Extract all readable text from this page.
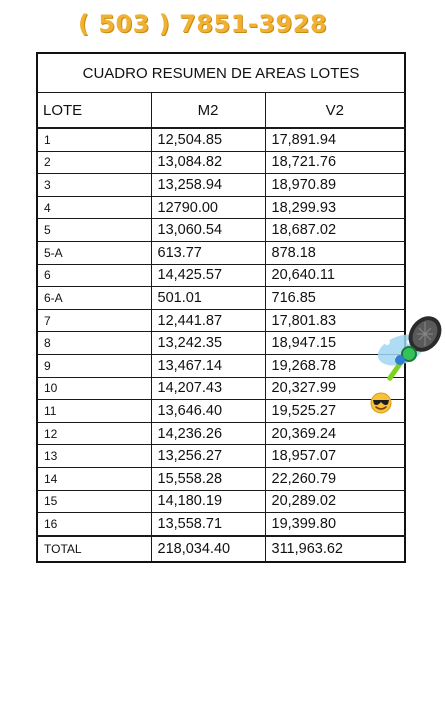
( 503 ) 7851-3928
CUADRO RESUMEN DE AREAS LOTES		
LOTE	M2	V2
1	12,504.85	17,891.94
2	13,084.82	18,721.76
3	13,258.94	18,970.89
4	12790.00	18,299.93
5	13,060.54	18,687.02
5-A	613.77	878.18
6	14,425.57	20,640.11
6-A	501.01	716.85
7	12,441.87	17,801.83
8	13,242.35	18,947.15
9	13,467.14	19,268.78
10	14,207.43	20,327.99
11	13,646.40	19,525.27
12	14,236.26	20,369.24
13	13,256.27	18,957.07
14	15,558.28	22,260.79
15	14,180.19	20,289.02
16	13,558.71	19,399.80
TOTAL	218,034.40	311,963.62
